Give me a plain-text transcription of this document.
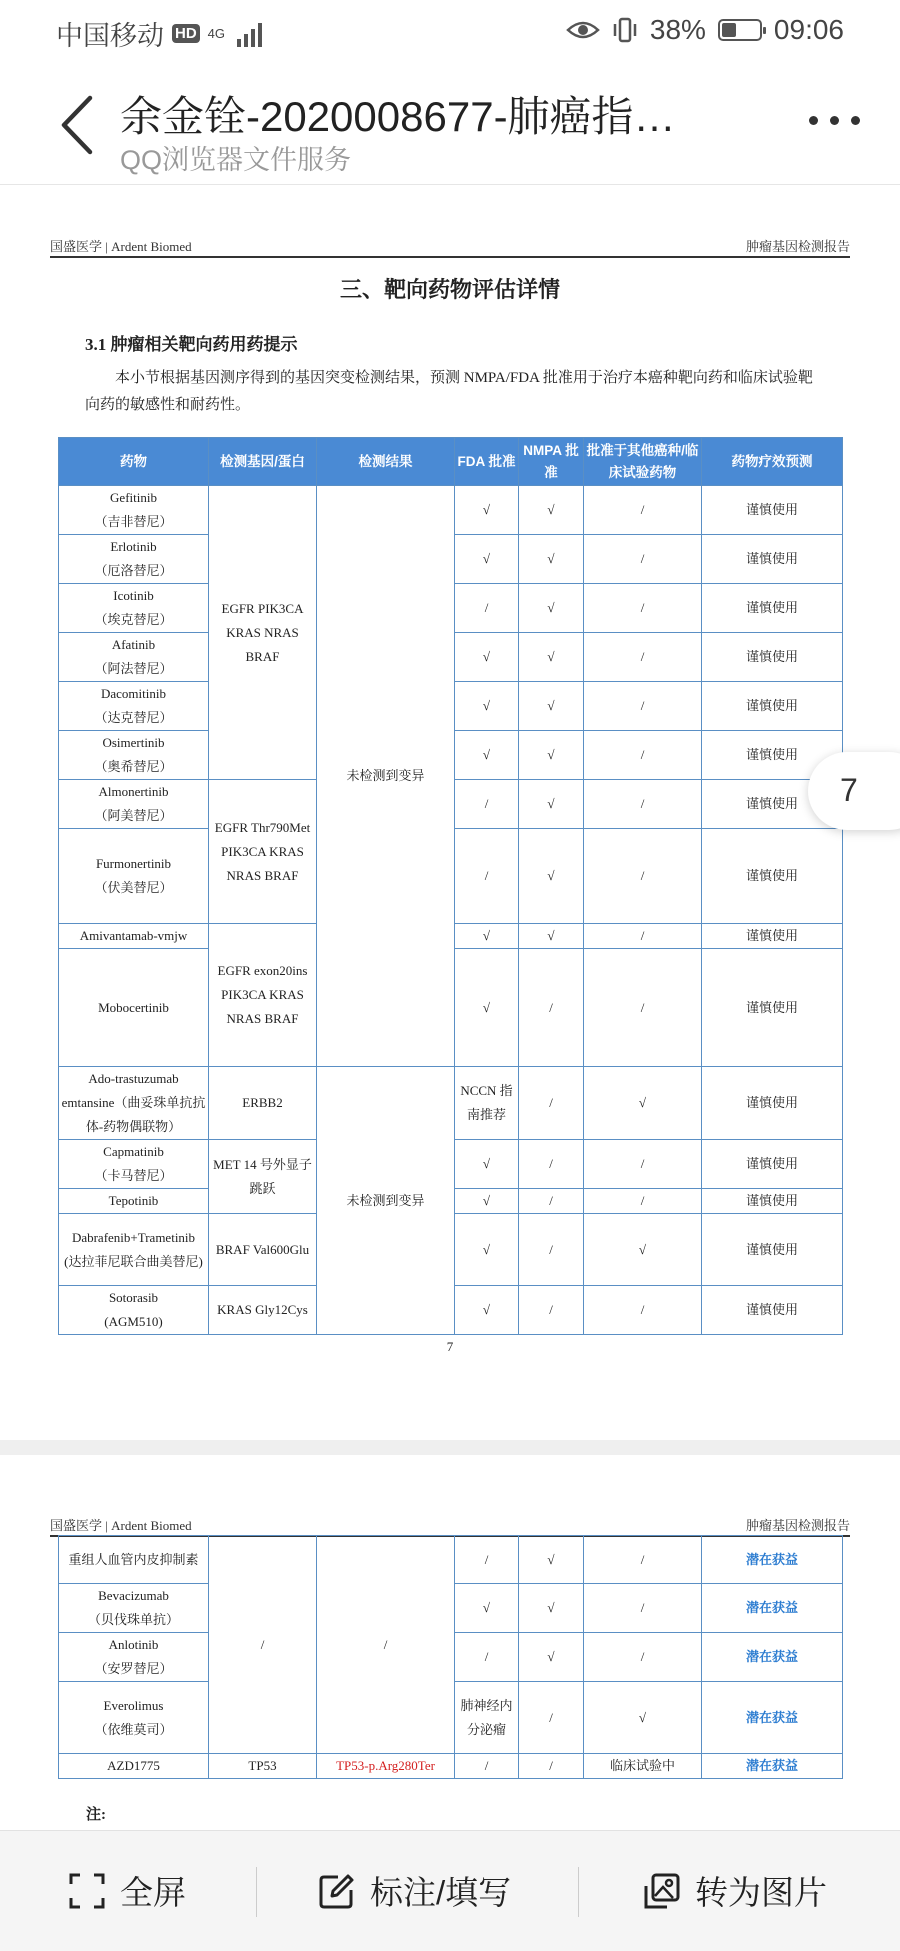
中国移动 HD 4G	38% 09:06
余金铨-2020008677-肺癌指…
QQ浏览器文件服务
国盛医学 | Ardent Biomed	肿瘤基因检测报告
三、靶向药物评估详情
3.1 肿瘤相关靶向药用药提示
本小节根据基因测序得到的基因突变检测结果，预测 NMPA/FDA 批准用于治疗本癌种靶向药和临床试验靶向药的敏感性和耐药性。
药物	检测基因/蛋白	检测结果	FDA 批准	NMPA 批准	批准于其他癌种/临床试验药物	药物疗效预测

Gefitinib
（吉非替尼）	EGFR PIK3CA KRAS NRAS BRAF	未检测到变异	√	√	/	谨慎使用

Erlotinib
（厄洛替尼）			√	√	/	谨慎使用

Icotinib
（埃克替尼）			/	√	/	谨慎使用

Afatinib
（阿法替尼）			√	√	/	谨慎使用

Dacomitinib
（达克替尼）			√	√	/	谨慎使用

Osimertinib
（奥希替尼）			√	√	/	谨慎使用

Almonertinib
（阿美替尼）	EGFR Thr790Met PIK3CA KRAS NRAS BRAF		/	√	/	谨慎使用

Furmonertinib
（伏美替尼）			/	√	/	谨慎使用

Amivantamab-vmjw	EGFR exon20ins PIK3CA KRAS NRAS BRAF		√	√	/	谨慎使用

Mobocertinib			√	/	/	谨慎使用

Ado-trastuzumab
emtansine（曲妥珠单抗抗体-药物偶联物）	ERBB2	未检测到变异	NCCN 指南推荐	/	√	谨慎使用

Capmatinib
（卡马替尼）	MET 14 号外显子跳跃		√	/	/	谨慎使用

Tepotinib			√	/	/	谨慎使用

Dabrafenib+Trametinib
(达拉菲尼联合曲美替尼)	BRAF Val600Glu		√	/	√	谨慎使用

Sotorasib
(AGM510)	KRAS Gly12Cys		√	/	/	谨慎使用
7
国盛医学 | Ardent Biomed	肿瘤基因检测报告
重组人血管内皮抑制素	/	/	/	√	/	潜在获益

Bevacizumab
（贝伐珠单抗）			√	√	/	潜在获益

Anlotinib
（安罗替尼）			/	√	/	潜在获益

Everolimus
（依维莫司）			肺神经内分泌瘤	/	√	潜在获益
AZD1775	TP53	TP53-p.Arg280Ter	/	/	临床试验中	潜在获益
注:
7
全屏	标注/填写	转为图片
